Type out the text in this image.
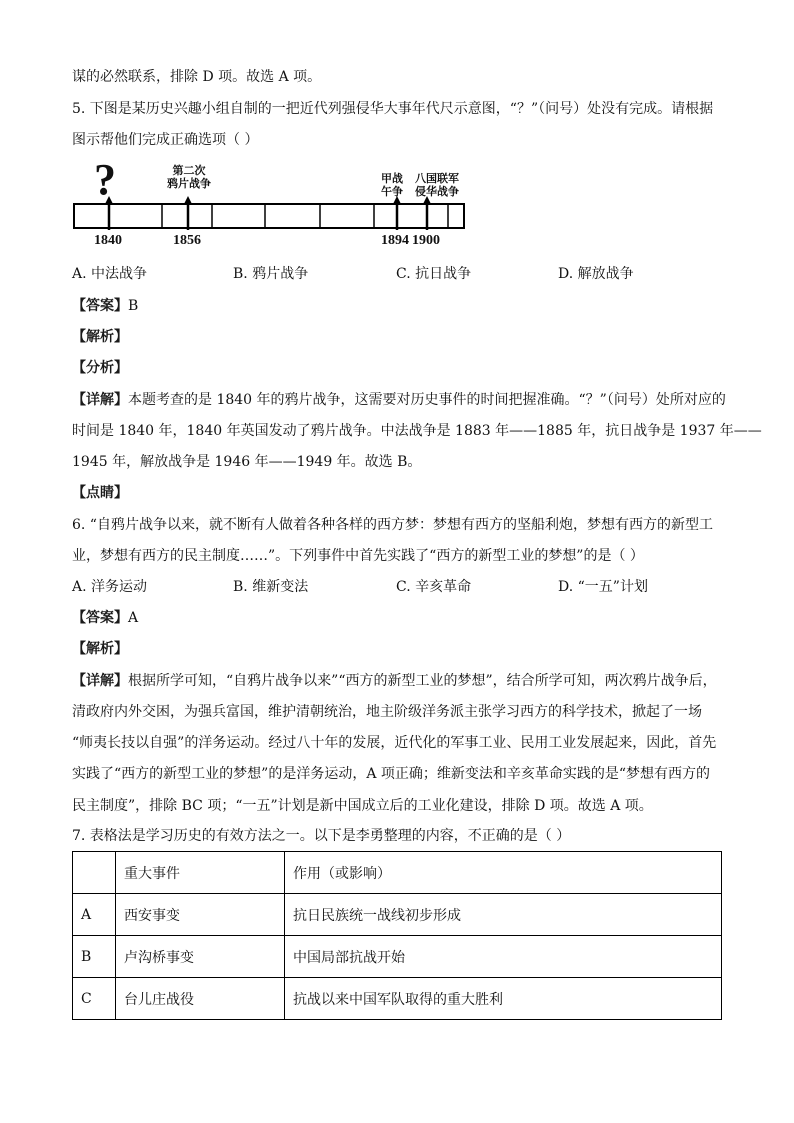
谋的必然联系，排除 D 项。故选 A 项。
5. 下图是某历史兴趣小组自制的一把近代列强侵华大事年代尺示意图，“？”（问号）处没有完成。请根据
图示帮他们完成正确选项（ ）
?	第二次
鸦片战争	甲战
午争
八国联军
侵华战争
1840	1856	1894 1900
A. 中法战争	B. 鸦片战争	C. 抗日战争	D. 解放战争
【答案】B
【解析】
【分析】
【详解】本题考查的是 1840 年的鸦片战争，这需要对历史事件的时间把握准确。“？”（问号）处所对应的
时间是 1840 年，1840 年英国发动了鸦片战争。中法战争是 1883 年——1885 年，抗日战争是 1937 年——
1945 年，解放战争是 1946 年——1949 年。故选 B。
【点睛】
6. “自鸦片战争以来，就不断有人做着各种各样的西方梦：梦想有西方的坚船利炮，梦想有西方的新型工
业，梦想有西方的民主制度……”。下列事件中首先实践了“西方的新型工业的梦想”的是（ ）
A. 洋务运动	B. 维新变法	C. 辛亥革命	D. “一五”计划
【答案】A
【解析】
【详解】根据所学可知，“自鸦片战争以来”“西方的新型工业的梦想”，结合所学可知，两次鸦片战争后，
清政府内外交困，为强兵富国，维护清朝统治，地主阶级洋务派主张学习西方的科学技术，掀起了一场
“师夷长技以自强”的洋务运动。经过八十年的发展，近代化的军事工业、民用工业发展起来，因此，首先
实践了“西方的新型工业的梦想”的是洋务运动，A 项正确；维新变法和辛亥革命实践的是“梦想有西方的
民主制度”，排除 BC 项；“一五”计划是新中国成立后的工业化建设，排除 D 项。故选 A 项。
7. 表格法是学习历史的有效方法之一。以下是李勇整理的内容，不正确的是（ ）
	重大事件	作用（或影响）
A	西安事变	抗日民族统一战线初步形成
B	卢沟桥事变	中国局部抗战开始
C	台儿庄战役	抗战以来中国军队取得的重大胜利
